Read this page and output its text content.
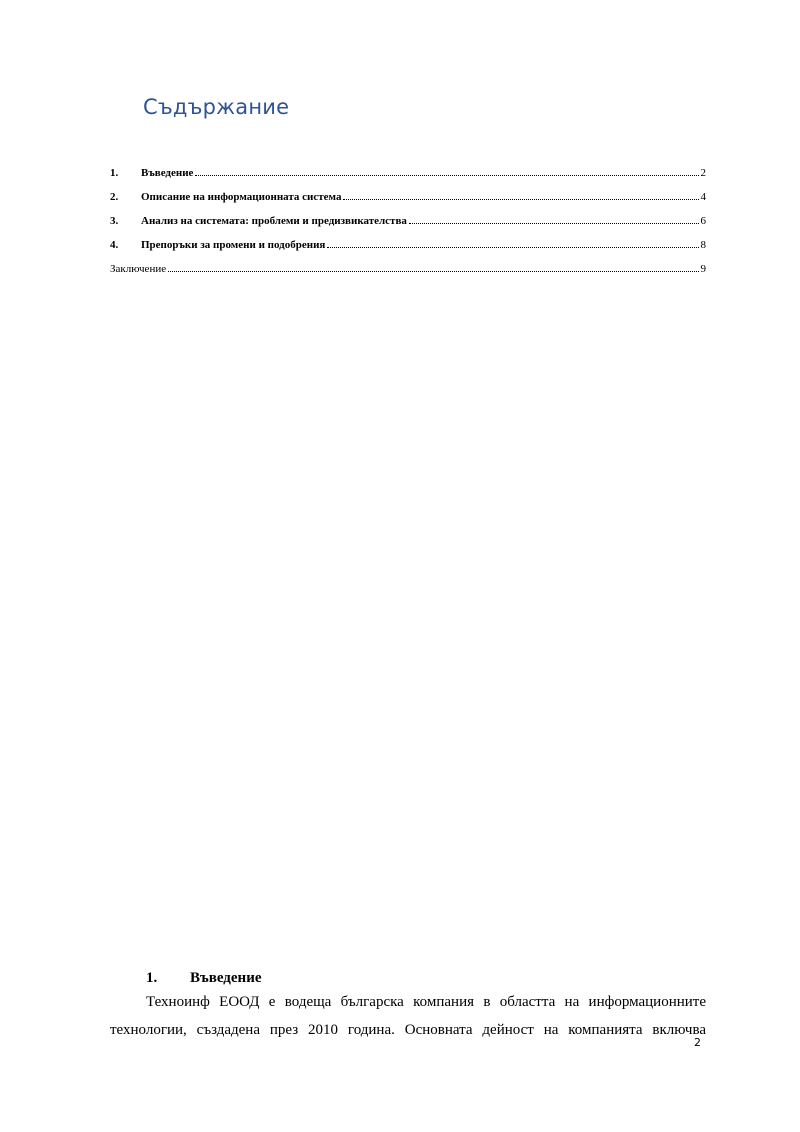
Съдържание
1.	Въведение	2
2.	Описание на информационната система	4
3.	Анализ на системата: проблеми и предизвикателства	6
4.	Препоръки за промени и подобрения	8
Заключение	9
1.	Въведение

Техноинф ЕООД е водеща българска компания в областта на информационните
технологии, създадена през 2010 година. Основната дейност на компанията включва

2
